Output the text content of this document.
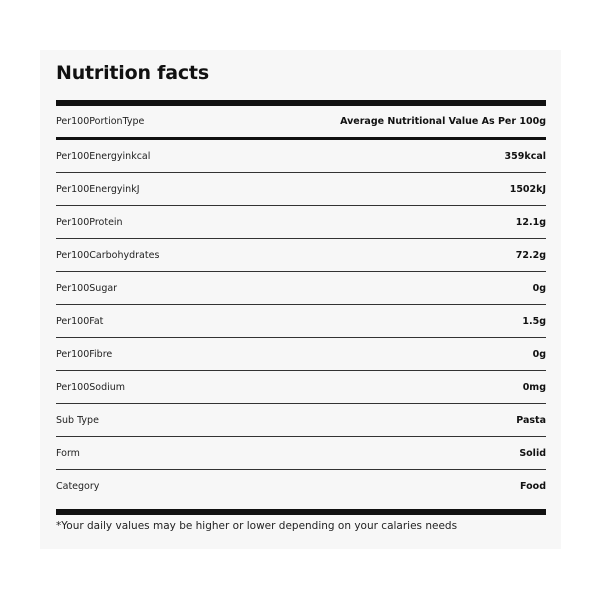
Nutrition facts
Per100PortionType	Average Nutritional Value As Per 100g
Per100Energyinkcal	359kcal
Per100EnergyinkJ	1502kJ
Per100Protein	12.1g
Per100Carbohydrates	72.2g
Per100Sugar	0g
Per100Fat	1.5g
Per100Fibre	0g
Per100Sodium	0mg
Sub Type	Pasta
Form	Solid
Category	Food
*Your daily values may be higher or lower depending on your calaries needs
